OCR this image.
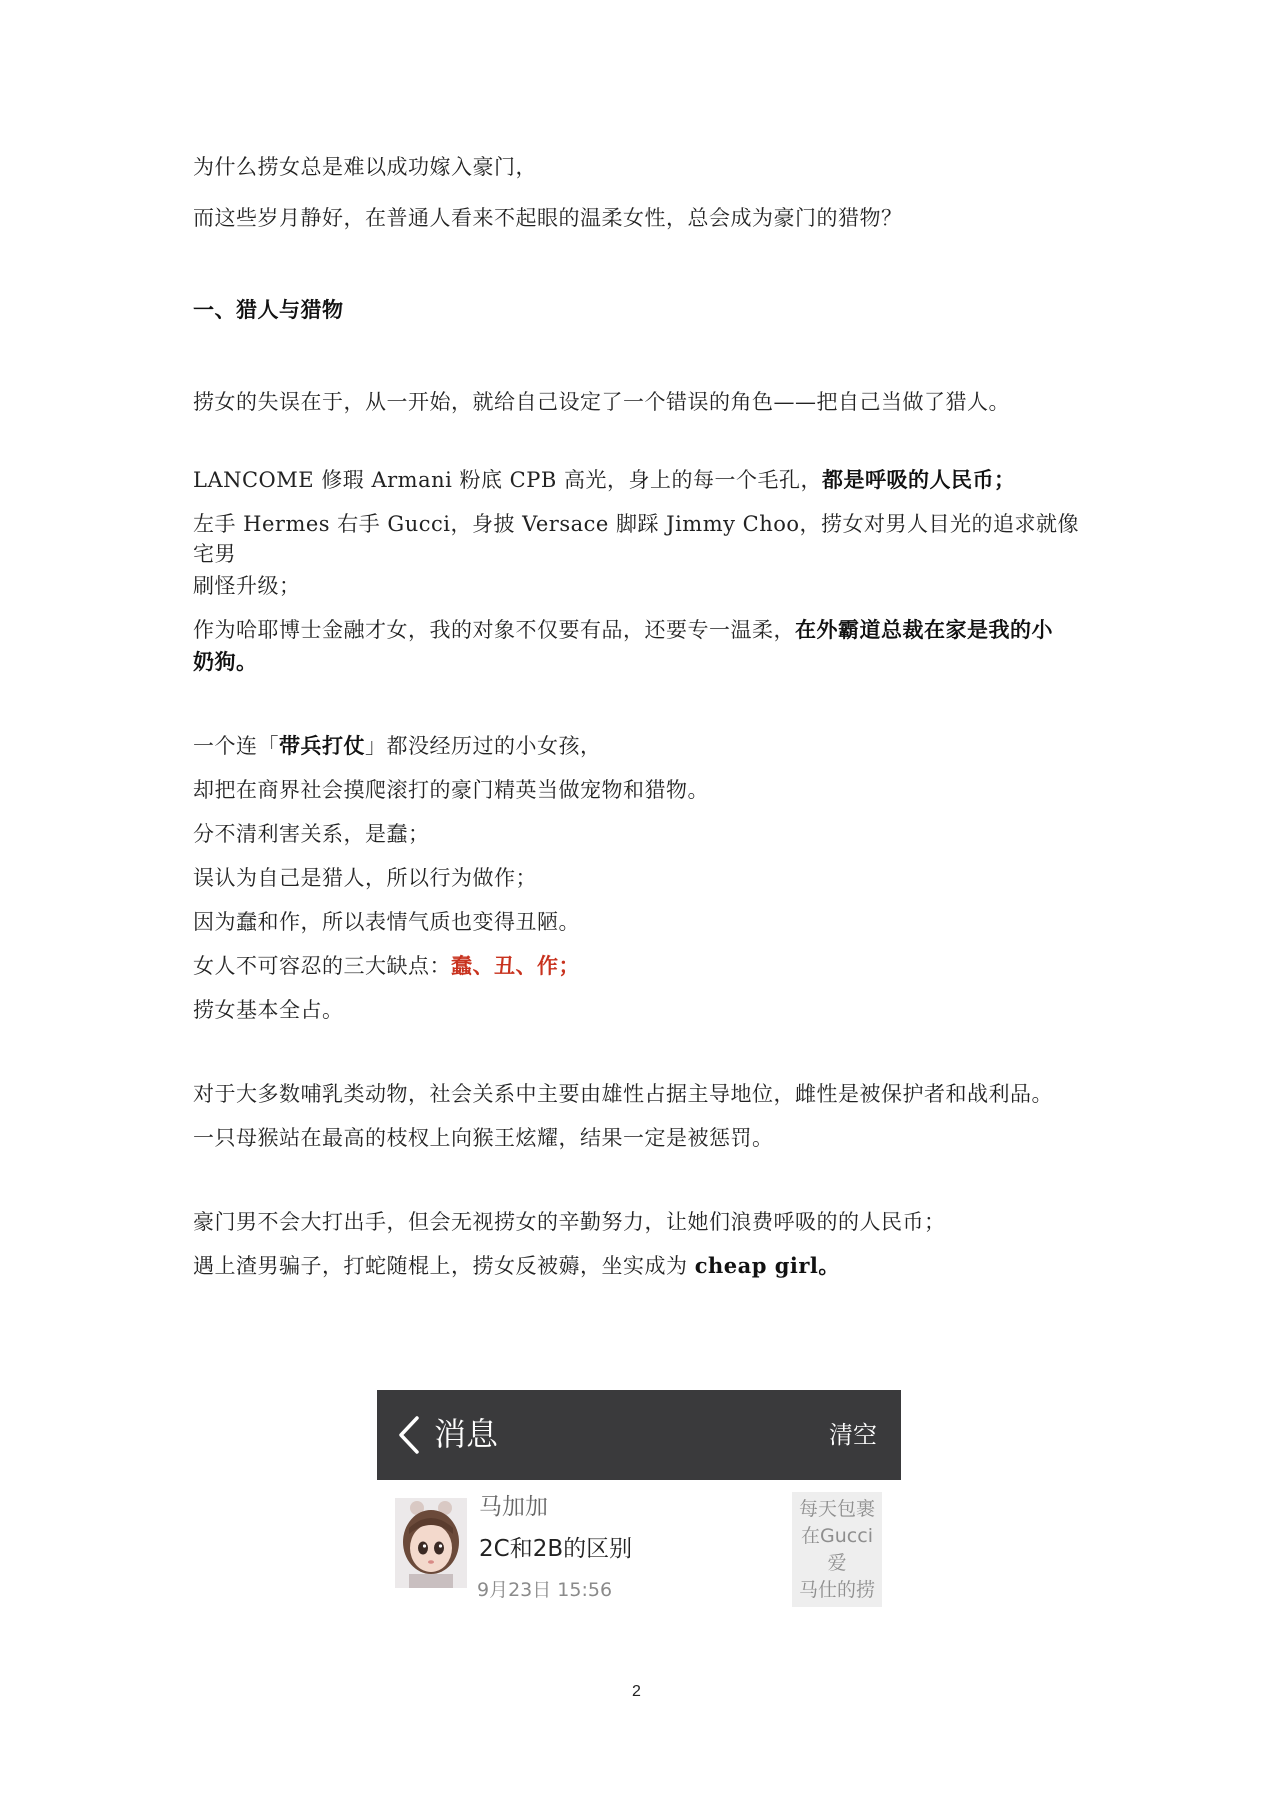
为什么捞女总是难以成功嫁入豪门，

而这些岁月静好，在普通人看来不起眼的温柔女性，总会成为豪门的猎物？

一、猎人与猎物

捞女的失误在于，从一开始，就给自己设定了一个错误的角色——把自己当做了猎人。

LANCOME 修瑕 Armani 粉底 CPB 高光，身上的每一个毛孔，都是呼吸的人民币；

左手 Hermes 右手 Gucci，身披 Versace 脚踩 Jimmy Choo，捞女对男人目光的追求就像宅男

刷怪升级；

作为哈耶博士金融才女，我的对象不仅要有品，还要专一温柔，在外霸道总裁在家是我的小

奶狗。

一个连「带兵打仗」都没经历过的小女孩，

却把在商界社会摸爬滚打的豪门精英当做宠物和猎物。

分不清利害关系，是蠢；

误认为自己是猎人，所以行为做作；

因为蠢和作，所以表情气质也变得丑陋。

女人不可容忍的三大缺点：蠢、丑、作；

捞女基本全占。

对于大多数哺乳类动物，社会关系中主要由雄性占据主导地位，雌性是被保护者和战利品。

一只母猴站在最高的枝杈上向猴王炫耀，结果一定是被惩罚。

豪门男不会大打出手，但会无视捞女的辛勤努力，让她们浪费呼吸的的人民币；

遇上渣男骗子，打蛇随棍上，捞女反被薅，坐实成为 cheap girl。

消息	清空
马加加
2C和2B的区别
9月23日 15:56
每天包裹
在Gucci爱
马仕的捞
2
